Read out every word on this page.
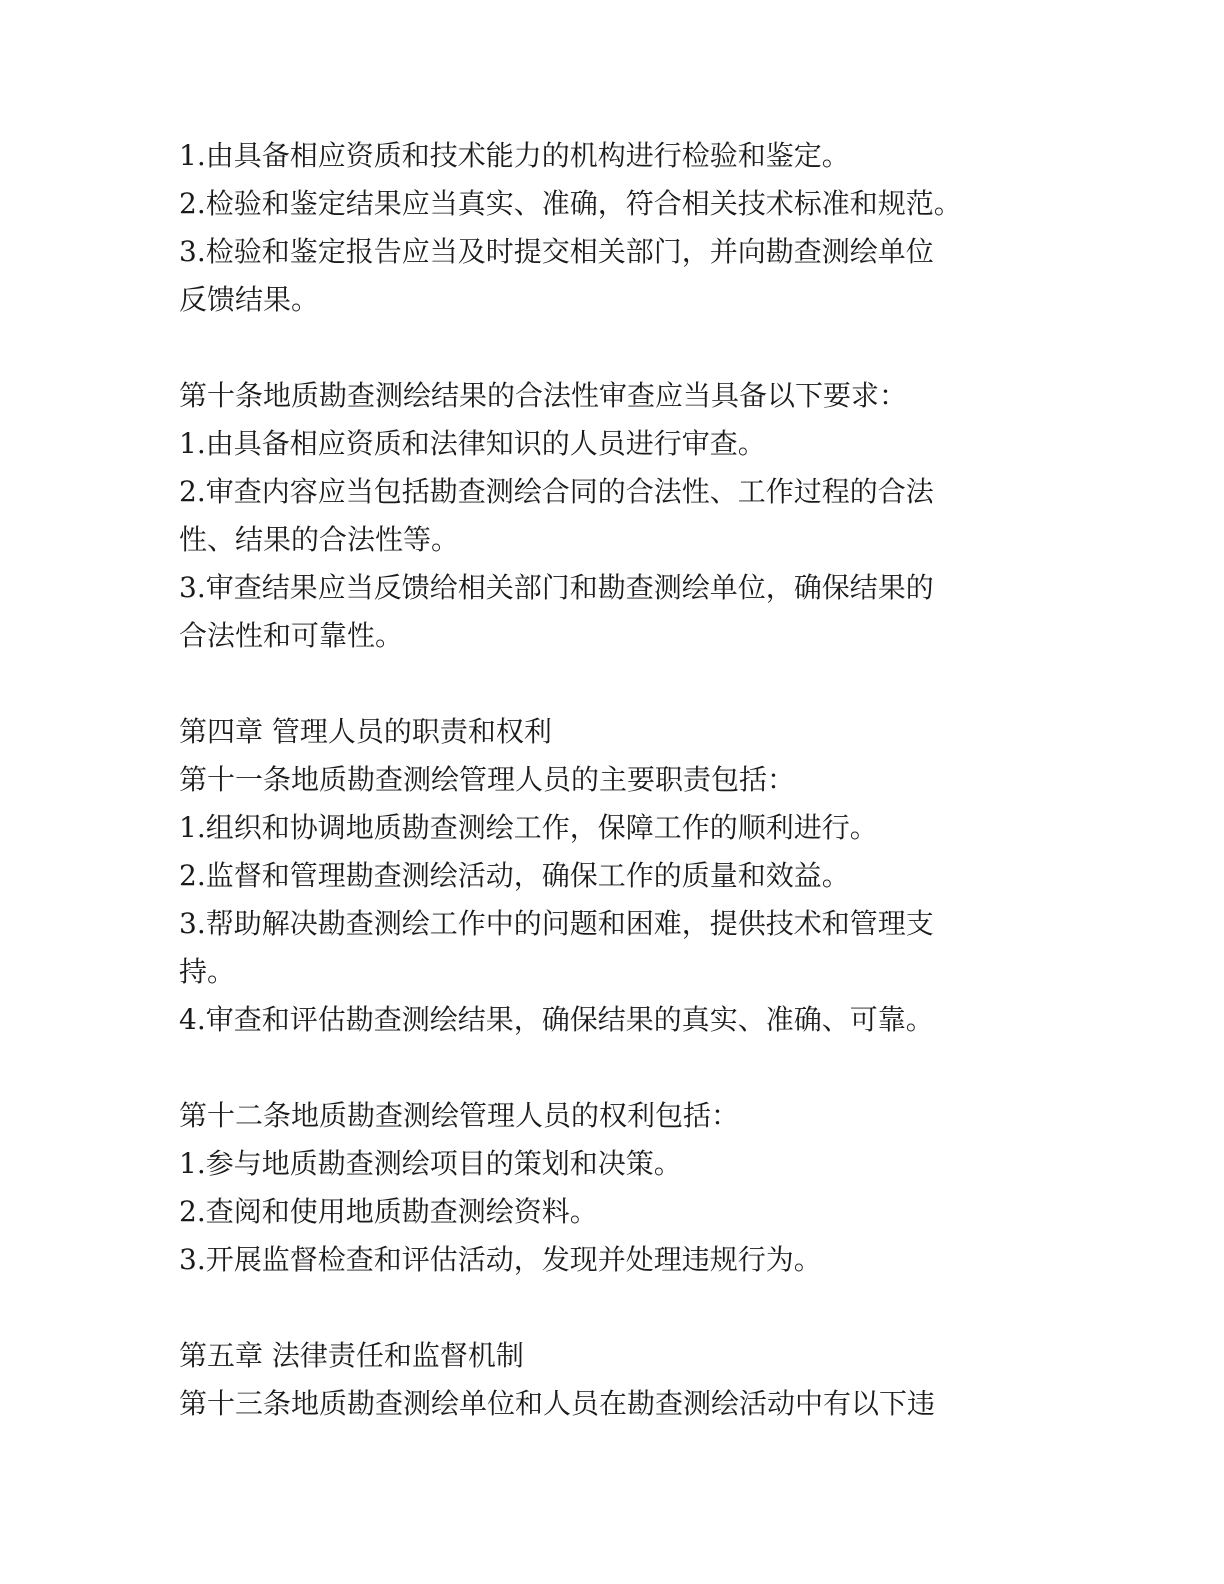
1.由具备相应资质和技术能力的机构进行检验和鉴定。
2.检验和鉴定结果应当真实、准确，符合相关技术标准和规范。
3.检验和鉴定报告应当及时提交相关部门，并向勘查测绘单位
反馈结果。
第十条地质勘查测绘结果的合法性审查应当具备以下要求：
1.由具备相应资质和法律知识的人员进行审查。
2.审查内容应当包括勘查测绘合同的合法性、工作过程的合法
性、结果的合法性等。
3.审查结果应当反馈给相关部门和勘查测绘单位，确保结果的
合法性和可靠性。
第四章 管理人员的职责和权利
第十一条地质勘查测绘管理人员的主要职责包括：
1.组织和协调地质勘查测绘工作，保障工作的顺利进行。
2.监督和管理勘查测绘活动，确保工作的质量和效益。
3.帮助解决勘查测绘工作中的问题和困难，提供技术和管理支
持。
4.审查和评估勘查测绘结果，确保结果的真实、准确、可靠。
第十二条地质勘查测绘管理人员的权利包括：
1.参与地质勘查测绘项目的策划和决策。
2.查阅和使用地质勘查测绘资料。
3.开展监督检查和评估活动，发现并处理违规行为。
第五章 法律责任和监督机制
第十三条地质勘查测绘单位和人员在勘查测绘活动中有以下违
